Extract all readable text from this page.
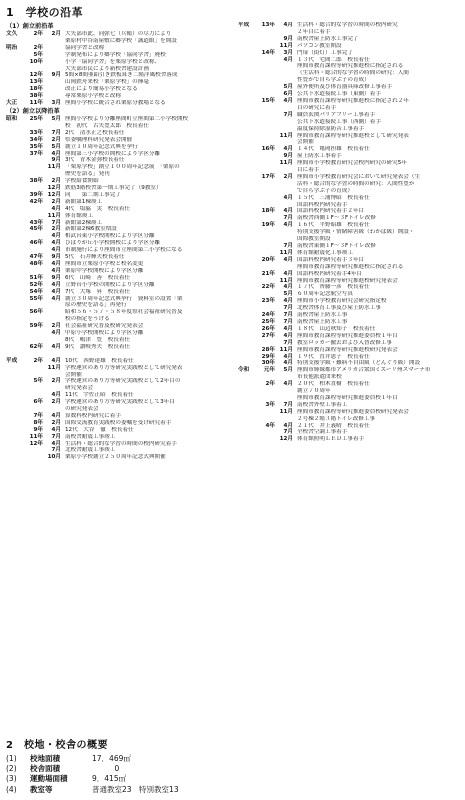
1　学校の沿革
（1）創立前沿革
文久	2年	2月 大矢部市此、同弥七（兵衛）の尽力により
栗原村中谷南屋敷に郷学校「誠道館」を開設
明治	2年	協同学舎と改称
5年	学制発布により郷学校「協同学舎」廃校
10年	小学「協同学舎」を栗原学校と改称、
大矢部市民により新校舎建設計画
12年	9月 5間×8間亜鉛引き鉄板葺き二階洋風校舎落成
13年	山岡鉄舟来校「栗原学校」の揮毫
18年	改正により簡易小学校となる
38年	尋常栗原小学校と改称
大正	11年	3月 座間小学校に統合され栗原分教場となる
（2）創立以降沿革
昭和	25年	5月 座間小学校より分離座間町立座間第二小学校開校
校　初代　古矢豊太郎　校長着任
33年	7月 2代　清水正之校長着任
34年	2月 県委嘱理科研究発表会開催
35年	5月 創立１０周年記念式典を挙行
37年	4月 座間第三小学校の開校により学区分離
9月 3代　青木金弥校長着任
11月 「栗原学校」創立１００周年記念展　「栗原の
歴史を語る」発刊
38年	2月 学校給食開始
12月 鉄筋3階校舎第一期工事完了（9教室）
39年 12月 同　　第二期工事完了
42年	2月 新館第1棟竣工
4月 4代　塩脇　実　校長着任
11月 体育館竣工
43年	7月 新館第2棟竣工
45年	2月 新館第2棟6教室増設
4月 相武台東小学校開校により学区分離
46年	4月 ひばりが丘小学校開校により学区分離
4月 市制施行により座間市立座間第二小学校になる
47年	9月 5代　石井輝夫校長着任
48年	4月 座間市立栗原小学校と校名変更
4月 栗原中学校開校により学区分離
51年	9月 6代　山崎　善　校長着任
52年	4月 立野台小学校の開校により学区分離
54年	4月 7代　大塚　昇　校長着任
55年	4月 創立３０周年記念式典挙行　資料室の設置「栗
原の歴史を語る」再発行
56年	昭和５６・５７・５８年度県社会福祉研究普及
校の指定をうける
59年	2月 社会福祉研究普及校研究発表会
4月 中原小学校開校により学区分離
8代　嶋津　豊　校長着任
62年	4月 9代　讃岐秀夫　校長着任

平成	2年	4月 10代　西野達雄　校長着任
11月 学校運営のあり方等研究実践校として研究発表
会開催
5年	2月 学校運営のあり方等研究実践校として2年目の
研究発表会
4月 11代　宇佐正昭　校長着任
6年	2月 学校運営のあり方等研究実践校として3年目
の研究発表会
7年	4月 算数科校内研究に着手
8年	2月 国際交流教育実践校の委嘱を受け研究着手
9年	4月 12代　大谷　徹　校長着任
11年	7月 南校舎耐震工事竣工
12年	4月 生活科・総合的な学習の時間の校内研究着手
7月 北校舎耐震工事竣工
10月 栗原小学校創立２５０周年記念式典開催
平成	13年	4月 生活科・総合的な学習の時間の校内研究
２年目に着手
9月 南校舎屋上防水工事完了
11月 パソコン教室開設
14年	3月 門扉（街灯）工事完了
4月 １３代　宅間二郎　校長着任
座間市教育課程等研究推進校に指定される
（生活科・総合的な学習の時間の研究：人間
性豊かで自ら学ぶ子の育成）
5月 屋外便所及び体育器具庫改修工事着手
6月 公共下水道接続工事（東側）着手
15年	4月 座間市教育課程等研究推進校に指定され２年
目の研究に着手
7月 職員玄関バリアフリー工事着手
公共下水道接続工事（西側）着手
温度保持除湿防音工事着手
11月 座間市教育課程等研究推進校として研究発表
会開催
16年	4月 １４代　亀岡担雄　校長着任
9月 屋上防水工事着手
11月 座間市小学校教育研究会校内研究の研究5年
目に着手
17年	2月 座間市小学校教育研究会において研究発表会（生
活科・総合的な学習の時間の研究：人間性豊か
で自ら学ぶ子の育成）
4月 １５代　三浦博昭　校長着任
国語科校内研究着手
18年	4月 国語科校内研究着手２年目
7月 南校舎西側１F～３Fトイレ改修
19年	4月 １６代　平野昭雄　校長着任
特別支援学級・情緒障害級（わかば級）開設・
国際教室開設
7月 南校舎東側１F～３Fトイレ改修
11月 体育館耐震化工事竣工
20年	4月 国語科校内研究着手３年目
座間市教育課程等研究推進校に指定される
21年	4月 国語科校内研究着手4年目
11月 座間市教育課程等研究推進校研究発表会
22年	4月 １７代　齊藤一彦　校長着任
5月 ６０周年記念航空写真
23年	4月 座間市小学校教育研究会研究指定校
7月 北校舎体育工事及び屋上防水工事
24年	7月 南校舎屋上防水工事
25年	7月 南校舎屋上防水工事
26年	4月 １８代　山辺秋知子　校長着任
27年	4月 座間市教育課程等研究推進委員校１年目
7月 教室ロッカー撤去および入替改修工事
28年 11月 座間市教育課程等研究推進校研究発表会
29年	4月 １９代　直井恵子　校長着任
30年	4月 特別支援学級・難病不自由級（どんぐり級）開設
令和	元年	5月 座間市姉妹都市アメリカ合衆国ミズーリ州スマーナ市
市長他派遣団来校
2年	4月 ２０代　柏木直樹　校長着任
創立７０周年
座間市教育課程等研究推進委員校１年目
3年	7月 南校舎外壁工事着工
11月 座間市教育課程等研究推進委員校研究発表会
２号棟２階３階トイレ改修工事
4年	4月 ２１代　井上義晴　校長着任
7月 全校舎空調工事着手
12月 体育館照明ＬＥＤ工事着手
2　校地・校舎の概要
(1)	校地面積	17．469㎡
(2)	校舎面積	　　　0
(3)	運動場面積	9．415㎡
(4)	教室等	普通教室23　特別教室13
